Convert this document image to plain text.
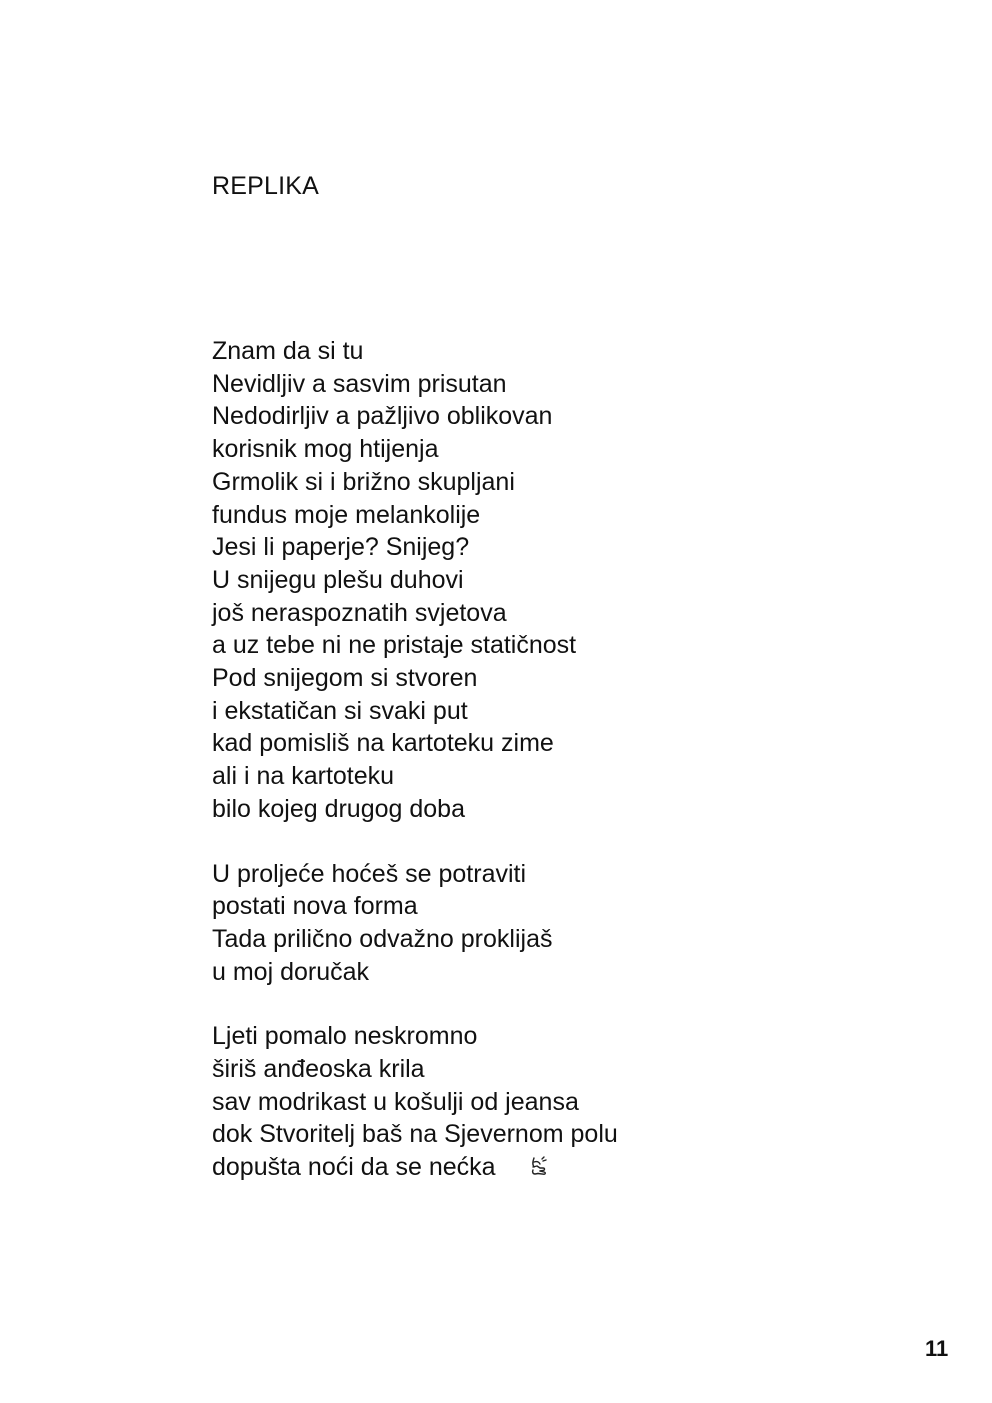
REPLIKA
Znam da si tu
Nevidljiv a sasvim prisutan
Nedodirljiv a pažljivo oblikovan
korisnik mog htijenja
Grmolik si i brižno skupljani
fundus moje melankolije
Jesi li paperje? Snijeg?
U snijegu plešu duhovi
još neraspoznatih svjetova
a uz tebe ni ne pristaje statičnost
Pod snijegom si stvoren
i ekstatičan si svaki put
kad pomisliš na kartoteku zime
ali i na kartoteku
bilo kojeg drugog doba
U proljeće hoćeš se potraviti
postati nova forma
Tada prilično odvažno proklijaš
u moj doručak
Ljeti pomalo neskromno
širiš anđeoska krila
sav modrikast u košulji od jeansa
dok Stvoritelj baš na Sjevernom polu
dopušta noći da se nećka
11
